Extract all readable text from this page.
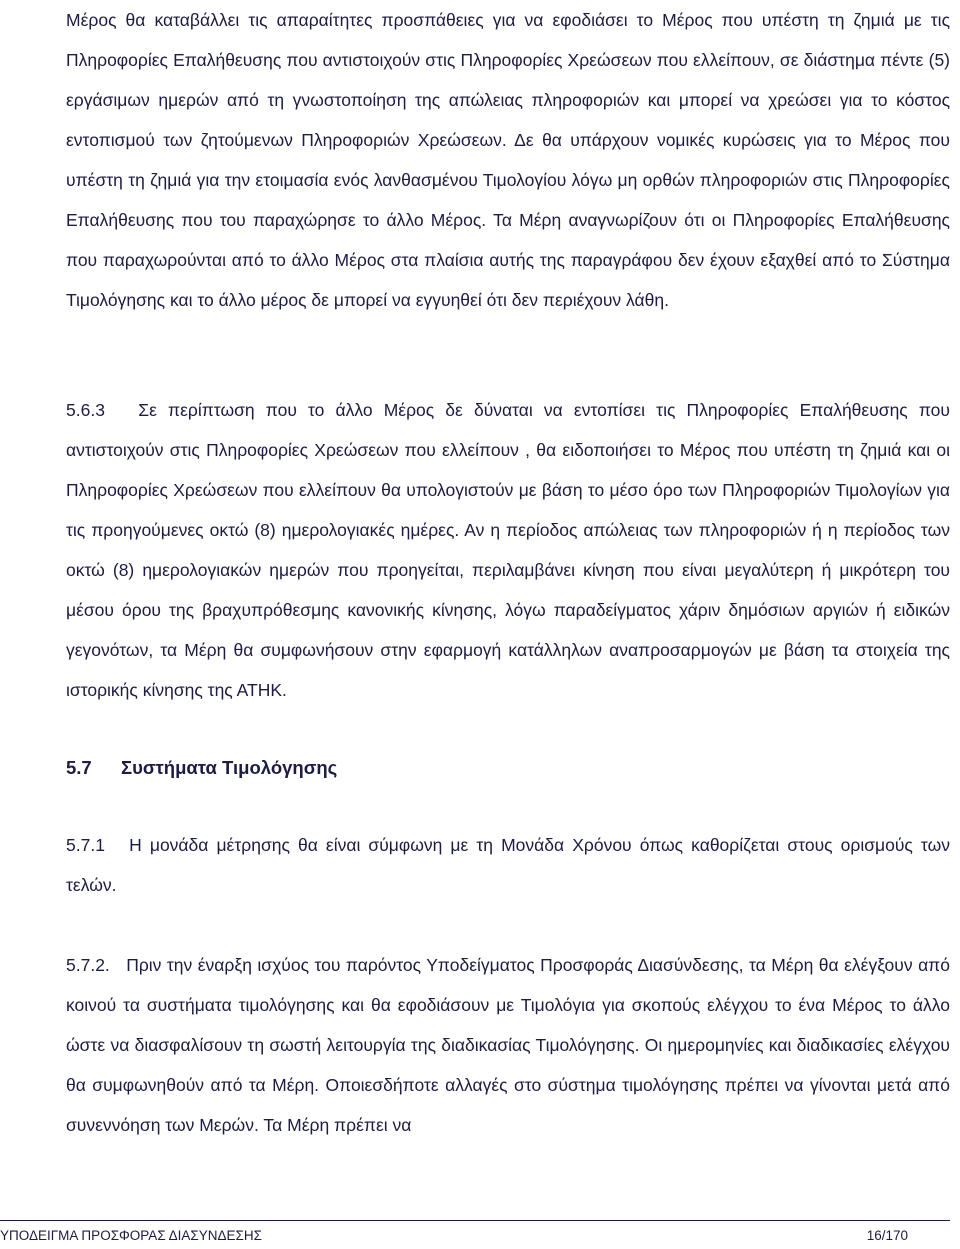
Μέρος θα καταβάλλει τις απαραίτητες προσπάθειες για να εφοδιάσει το Μέρος που υπέστη τη ζημιά με τις Πληροφορίες Επαλήθευσης που αντιστοιχούν στις Πληροφορίες Χρεώσεων που ελλείπουν, σε διάστημα πέντε (5) εργάσιμων ημερών από τη γνωστοποίηση της απώλειας πληροφοριών και μπορεί να χρεώσει για το κόστος εντοπισμού των ζητούμενων Πληροφοριών Χρεώσεων. Δε θα υπάρχουν νομικές κυρώσεις για το Μέρος που υπέστη τη ζημιά για την ετοιμασία ενός λανθασμένου Τιμολογίου λόγω μη ορθών πληροφοριών στις Πληροφορίες Επαλήθευσης που του παραχώρησε το άλλο Μέρος. Τα Μέρη αναγνωρίζουν ότι οι Πληροφορίες Επαλήθευσης που παραχωρούνται από το άλλο Μέρος στα πλαίσια αυτής της παραγράφου δεν έχουν εξαχθεί από το Σύστημα Τιμολόγησης και το άλλο μέρος δε μπορεί να εγγυηθεί ότι δεν περιέχουν λάθη.
5.6.3 Σε περίπτωση που το άλλο Μέρος δε δύναται να εντοπίσει τις Πληροφορίες Επαλήθευσης που αντιστοιχούν στις Πληροφορίες Χρεώσεων που ελλείπουν , θα ειδοποιήσει το Μέρος που υπέστη τη ζημιά και οι Πληροφορίες Χρεώσεων που ελλείπουν θα υπολογιστούν με βάση το μέσο όρο των Πληροφοριών Τιμολογίων για τις προηγούμενες οκτώ (8) ημερολογιακές ημέρες. Αν η περίοδος απώλειας των πληροφοριών ή η περίοδος των οκτώ (8) ημερολογιακών ημερών που προηγείται, περιλαμβάνει κίνηση που είναι μεγαλύτερη ή μικρότερη του μέσου όρου της βραχυπρόθεσμης κανονικής κίνησης, λόγω παραδείγματος χάριν δημόσιων αργιών ή ειδικών γεγονότων, τα Μέρη θα συμφωνήσουν στην εφαρμογή κατάλληλων αναπροσαρμογών με βάση τα στοιχεία της ιστορικής κίνησης της ΑΤΗΚ.
5.7 Συστήματα Τιμολόγησης
5.7.1 Η μονάδα μέτρησης θα είναι σύμφωνη με τη Μονάδα Χρόνου όπως καθορίζεται στους ορισμούς των τελών.
5.7.2. Πριν την έναρξη ισχύος του παρόντος Υποδείγματος Προσφοράς Διασύνδεσης, τα Μέρη θα ελέγξουν από κοινού τα συστήματα τιμολόγησης και θα εφοδιάσουν με Τιμολόγια για σκοπούς ελέγχου το ένα Μέρος το άλλο ώστε να διασφαλίσουν τη σωστή λειτουργία της διαδικασίας Τιμολόγησης. Οι ημερομηνίες και διαδικασίες ελέγχου θα συμφωνηθούν από τα Μέρη. Οποιεσδήποτε αλλαγές στο σύστημα τιμολόγησης πρέπει να γίνονται μετά από συνεννόηση των Μερών. Τα Μέρη πρέπει να
ΥΠΟΔΕΙΓΜΑ ΠΡΟΣΦΟΡΑΣ ΔΙΑΣΥΝΔΕΣΗΣ	16/170
